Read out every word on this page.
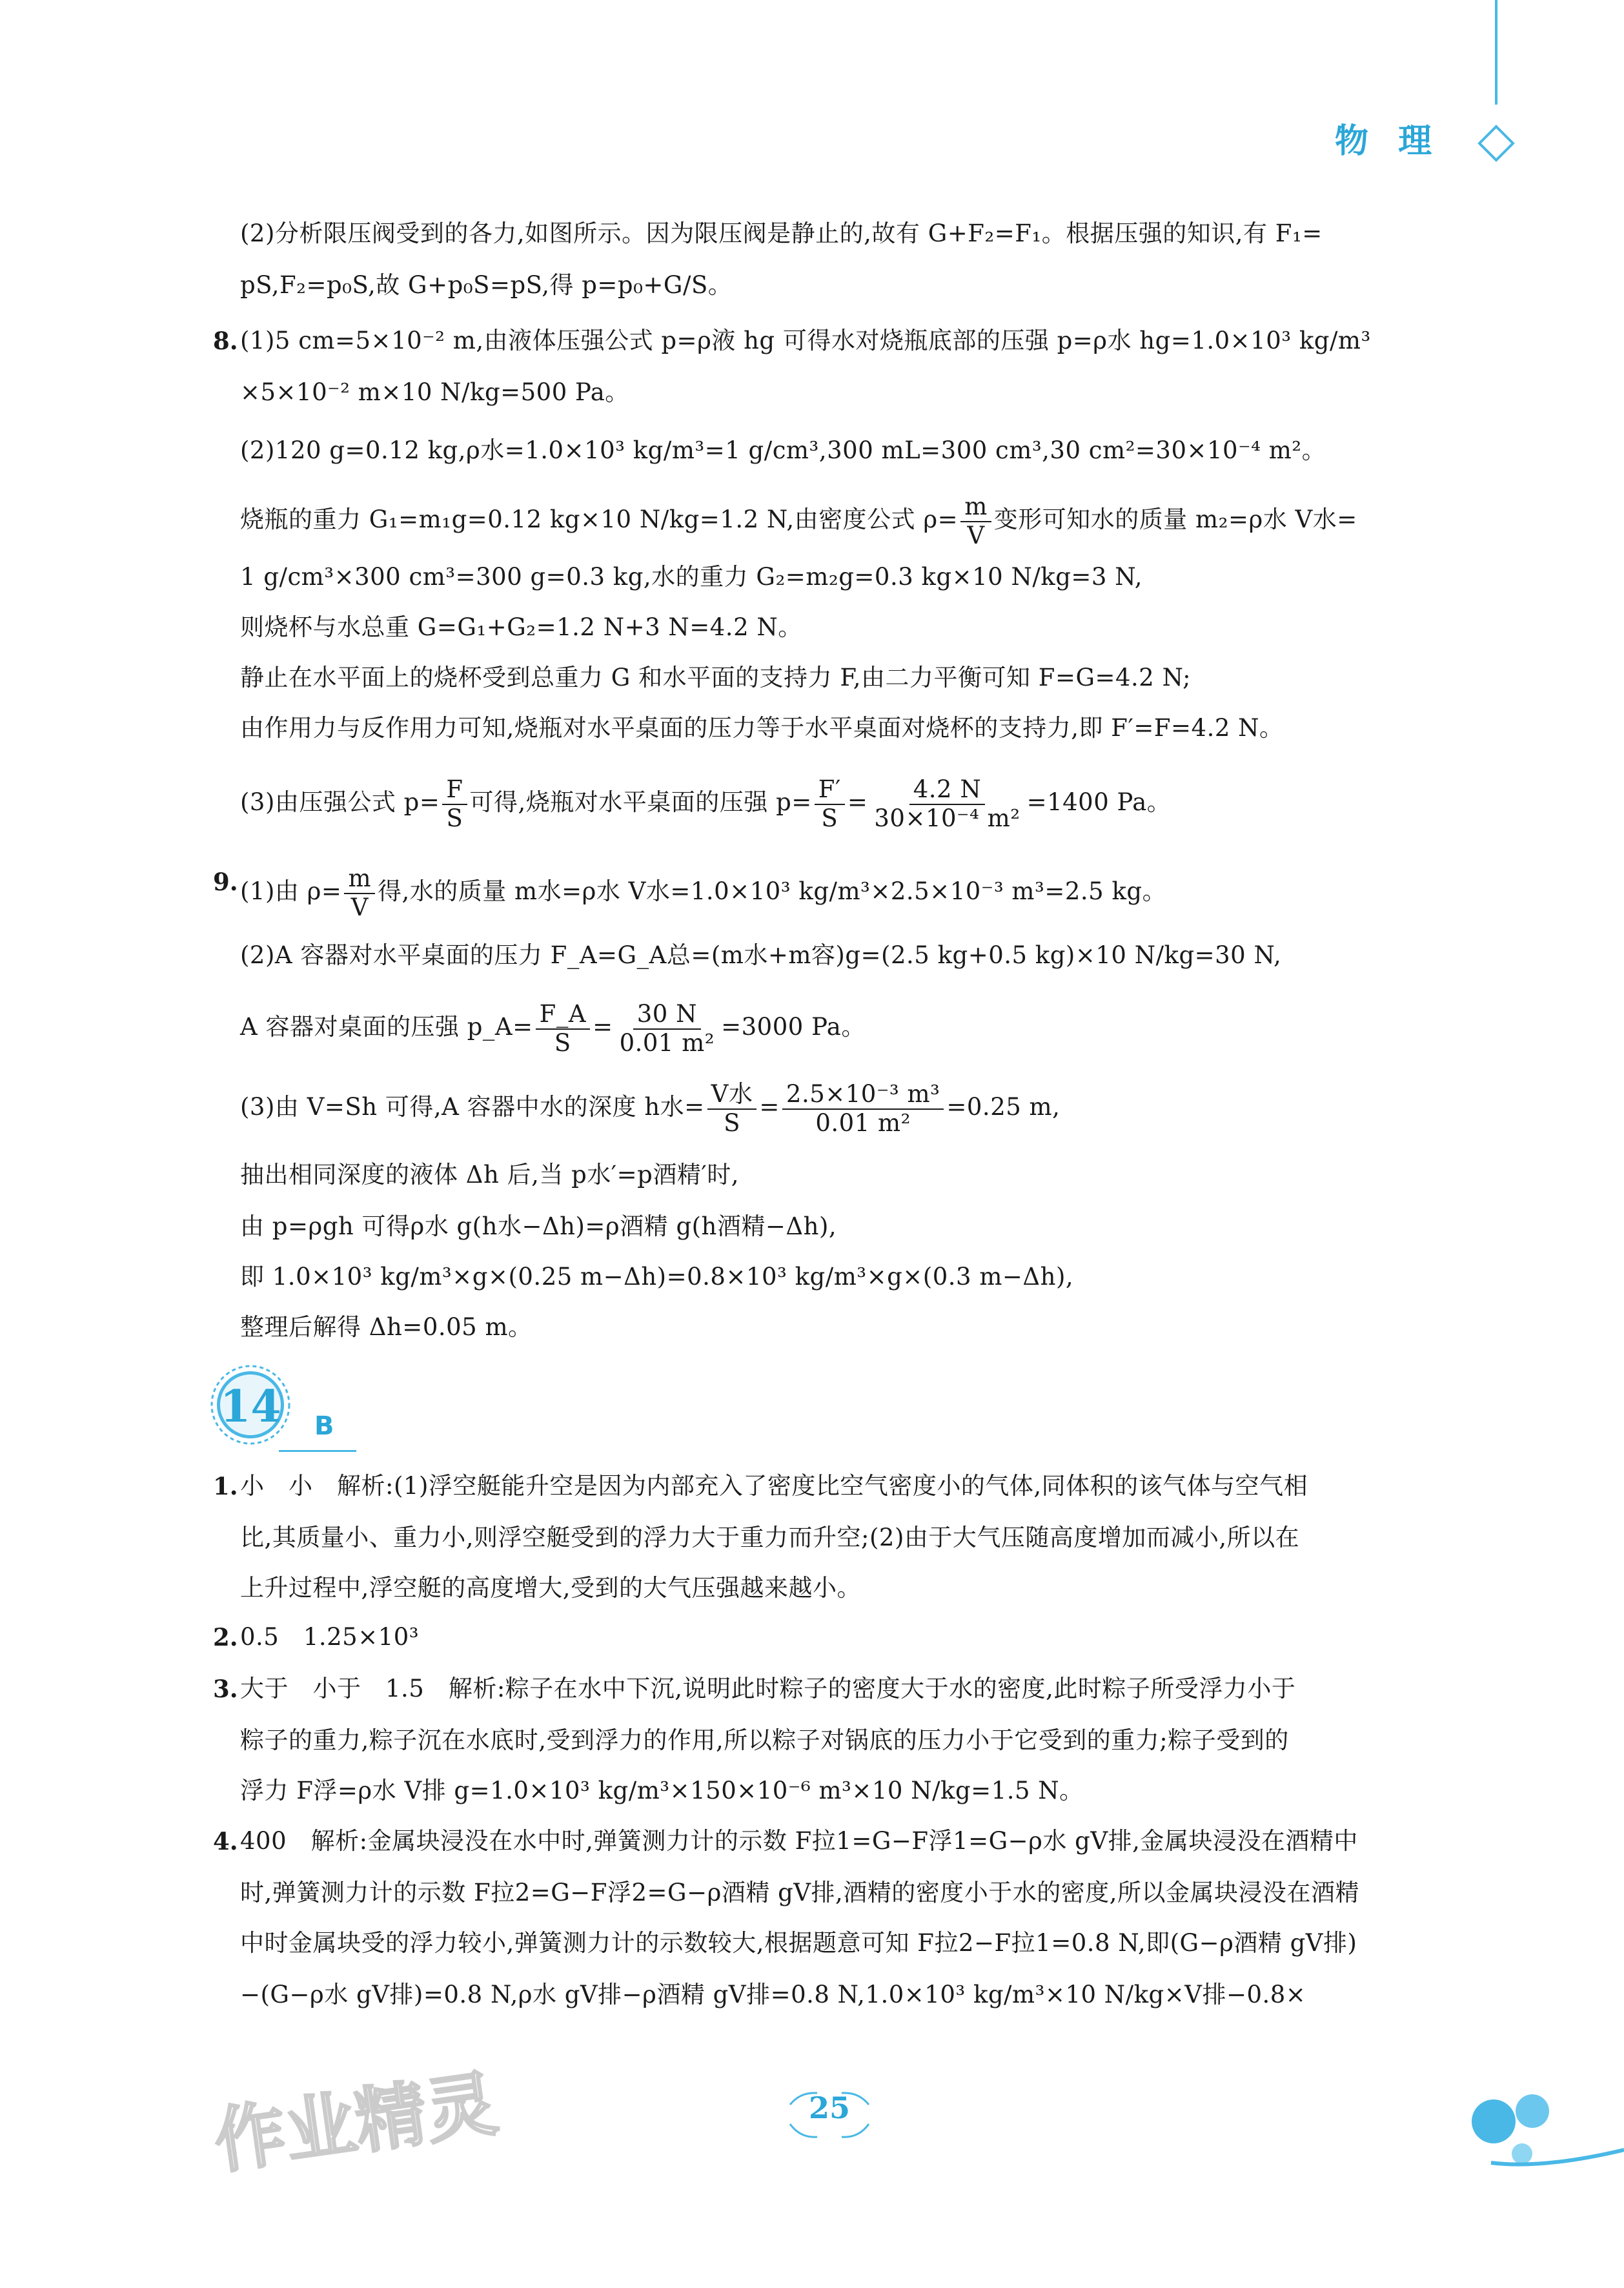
物 理
(2)分析限压阀受到的各力,如图所示。因为限压阀是静止的,故有 G+F₂=F₁。根据压强的知识,有 F₁=
pS,F₂=p₀S,故 G+p₀S=pS,得 p=p₀+G/S。
8. (1)5 cm=5×10⁻² m,由液体压强公式 p=ρ液 hg 可得水对烧瓶底部的压强 p=ρ水 hg=1.0×10³ kg/m³
×5×10⁻² m×10 N/kg=500 Pa。
(2)120 g=0.12 kg,ρ水=1.0×10³ kg/m³=1 g/cm³,300 mL=300 cm³,30 cm²=30×10⁻⁴ m²。
烧瓶的重力 G₁=m₁g=0.12 kg×10 N/kg=1.2 N,由密度公式 $\rho= \frac{m}{V}$ 变形可知水的质量 m₂=ρ水 V水=
1 g/cm³×300 cm³=300 g=0.3 kg,水的重力 G₂=m₂g=0.3 kg×10 N/kg=3 N,
则烧杯与水总重 G=G₁+G₂=1.2 N+3 N=4.2 N。
静止在水平面上的烧杯受到总重力 G 和水平面的支持力 F,由二力平衡可知 F=G=4.2 N;
由作用力与反作用力可知,烧瓶对水平桌面的压力等于水平桌面对烧杯的支持力,即 F′=F=4.2 N。
(3)由压强公式 $p= \frac{F}{S}$ 可得,烧瓶对水平桌面的压强 $p= \frac{F'}{S} = \frac{4.2 N}{\text{30×10⁻⁴ m²}} =1400$ Pa。
9. (1)由 $\rho= \frac{m}{V}$ 得,水的质量 m水=ρ水 V水=1.0×10³ kg/m³×2.5×10⁻³ m³=2.5 kg。
(2)A 容器对水平桌面的压力 F_A=G_A总=(m水+m容)g=(2.5 kg+0.5 kg)×10 N/kg=30 N,
A 容器对桌面的压强 p_A= $\frac{F\_A}{S} = \frac{30 N}{\text{0.01 m²}} =3000$ Pa。
(3)由 V=Sh 可得,A 容器中水的深度 h水= $\frac{\text{V水}}{S} = \frac{\text{2.5×10⁻³ m³}}{\text{0.01 m²}} =0.25$ m,
抽出相同深度的液体 Δh 后,当 p水′=p酒精′时,
由 p=ρgh 可得ρ水 g(h水−Δh)=ρ酒精 g(h酒精−Δh),
即 1.0×10³ kg/m³×g×(0.25 m−Δh)=0.8×10³ kg/m³×g×(0.3 m−Δh),
整理后解得 Δh=0.05 m。
14 B
1. 小　小　解析:(1)浮空艇能升空是因为内部充入了密度比空气密度小的气体,同体积的该气体与空气相
比,其质量小、重力小,则浮空艇受到的浮力大于重力而升空;(2)由于大气压随高度增加而减小,所以在
上升过程中,浮空艇的高度增大,受到的大气压强越来越小。
2. 0.5　1.25×10³
3. 大于　小于　1.5　解析:粽子在水中下沉,说明此时粽子的密度大于水的密度,此时粽子所受浮力小于
粽子的重力,粽子沉在水底时,受到浮力的作用,所以粽子对锅底的压力小于它受到的重力;粽子受到的
浮力 F浮=ρ水 V排 g=1.0×10³ kg/m³×150×10⁻⁶ m³×10 N/kg=1.5 N。
4. 400　解析:金属块浸没在水中时,弹簧测力计的示数 F拉1=G−F浮1=G−ρ水 gV排,金属块浸没在酒精中
时,弹簧测力计的示数 F拉2=G−F浮2=G−ρ酒精 gV排,酒精的密度小于水的密度,所以金属块浸没在酒精
中时金属块受的浮力较小,弹簧测力计的示数较大,根据题意可知 F拉2−F拉1=0.8 N,即(G−ρ酒精 gV排)
−(G−ρ水 gV排)=0.8 N,ρ水 gV排−ρ酒精 gV排=0.8 N,1.0×10³ kg/m³×10 N/kg×V排−0.8×
作业精灵	25
